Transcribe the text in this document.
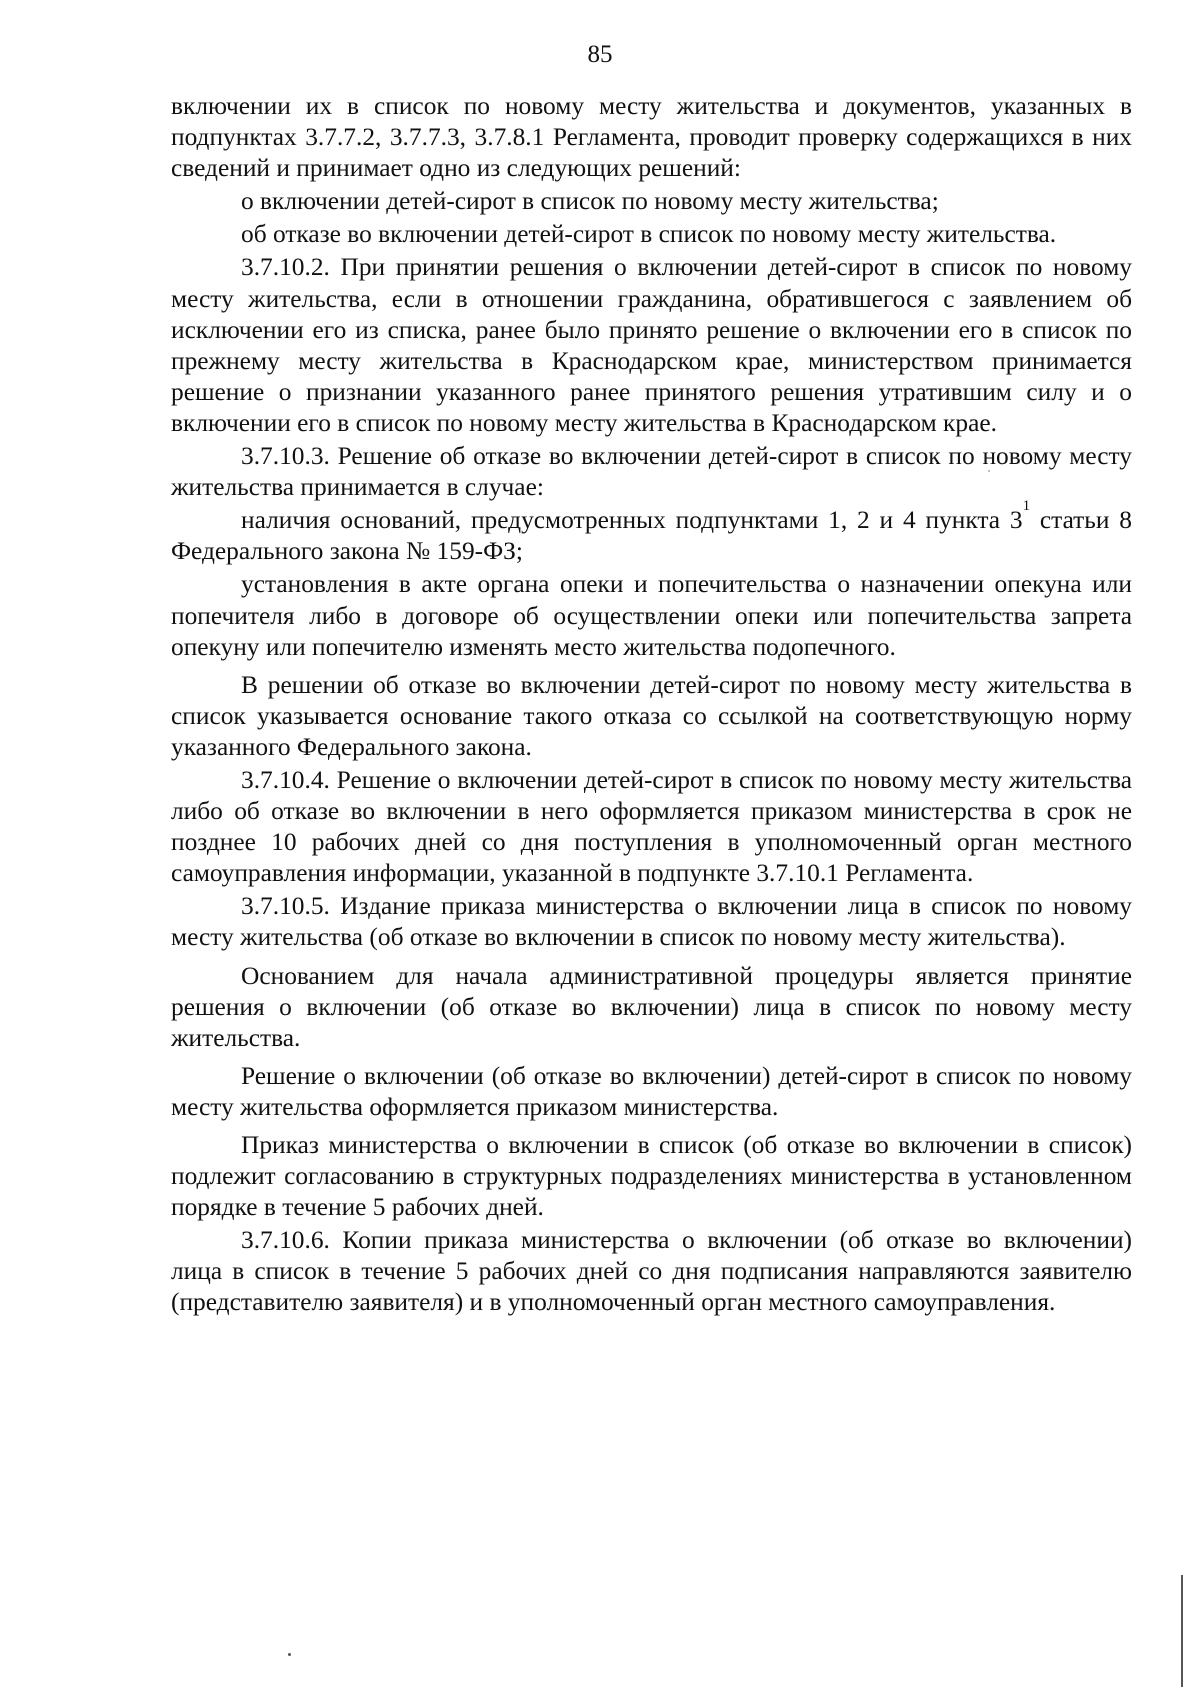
85

включении их в список по новому месту жительства и документов, указанных в подпунктах 3.7.7.2, 3.7.7.3, 3.7.8.1 Регламента, проводит проверку содержащихся в них сведений и принимает одно из следующих решений:

о включении детей-сирот в список по новому месту жительства;

об отказе во включении детей-сирот в список по новому месту жительства.

3.7.10.2. При принятии решения о включении детей-сирот в список по новому месту жительства, если в отношении гражданина, обратившегося с заявлением об исключении его из списка, ранее было принято решение о включении его в список по прежнему месту жительства в Краснодарском крае, министерством принимается решение о признании указанного ранее принятого решения утратившим силу и о включении его в список по новому месту жительства в Краснодарском крае.

3.7.10.3. Решение об отказе во включении детей-сирот в список по новому месту жительства принимается в случае:

наличия оснований, предусмотренных подпунктами 1, 2 и 4 пункта $3^1$ статьи 8 Федерального закона № 159-ФЗ;

установления в акте органа опеки и попечительства о назначении опекуна или попечителя либо в договоре об осуществлении опеки или попечительства запрета опекуну или попечителю изменять место жительства подопечного.

В решении об отказе во включении детей-сирот по новому месту жительства в список указывается основание такого отказа со ссылкой на соответствующую норму указанного Федерального закона.

3.7.10.4. Решение о включении детей-сирот в список по новому месту жительства либо об отказе во включении в него оформляется приказом министерства в срок не позднее 10 рабочих дней со дня поступления в уполномоченный орган местного самоуправления информации, указанной в подпункте 3.7.10.1 Регламента.

3.7.10.5. Издание приказа министерства о включении лица в список по новому месту жительства (об отказе во включении в список по новому месту жительства).

Основанием для начала административной процедуры является принятие решения о включении (об отказе во включении) лица в список по новому месту жительства.

Решение о включении (об отказе во включении) детей-сирот в список по новому месту жительства оформляется приказом министерства.

Приказ министерства о включении в список (об отказе во включении в список) подлежит согласованию в структурных подразделениях министерства в установленном порядке в течение 5 рабочих дней.

3.7.10.6. Копии приказа министерства о включении (об отказе во включении) лица в список в течение 5 рабочих дней со дня подписания направляются заявителю (представителю заявителя) и в уполномоченный орган местного самоуправления.
